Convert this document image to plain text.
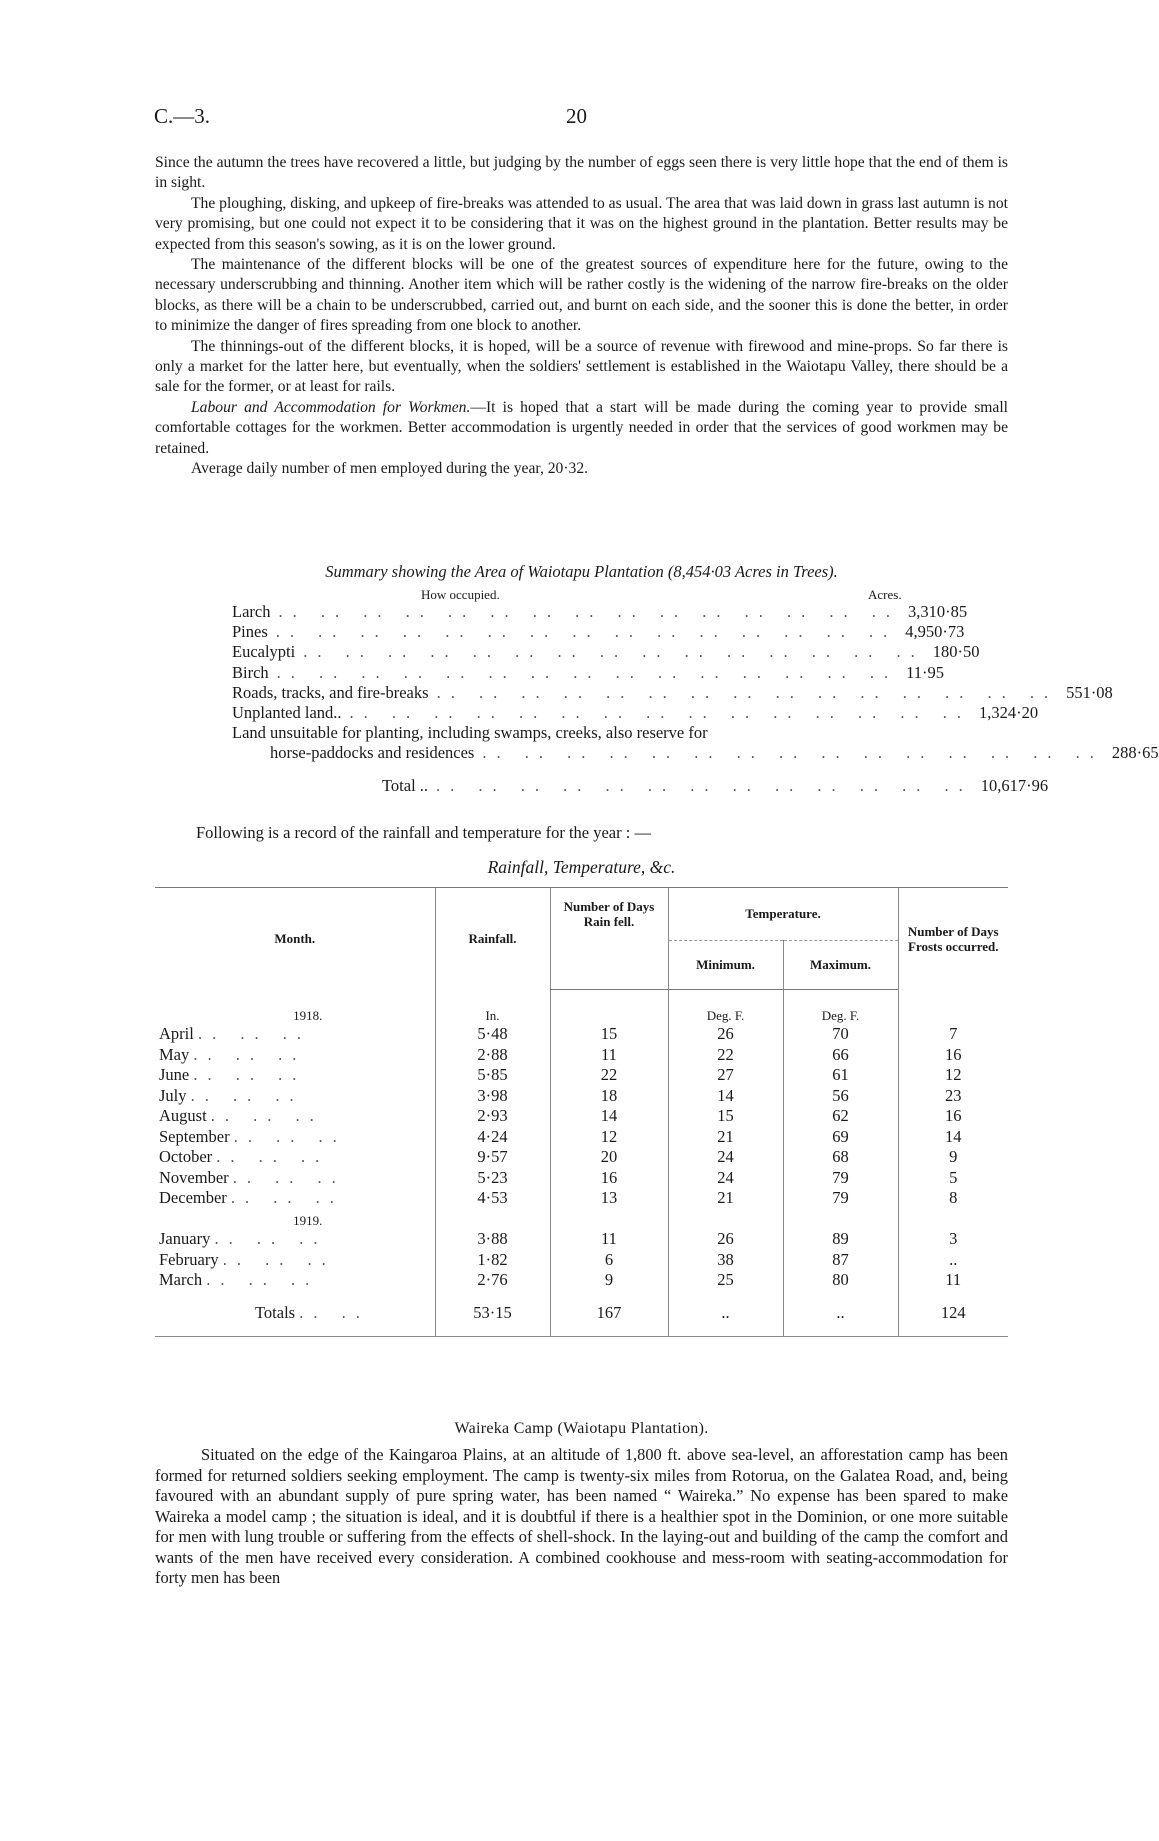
C.—3.	20

Since the autumn the trees have recovered a little, but judging by the number of eggs seen there is very little hope that the end of them is in sight.

The ploughing, disking, and upkeep of fire-breaks was attended to as usual. The area that was laid down in grass last autumn is not very promising, but one could not expect it to be considering that it was on the highest ground in the plantation. Better results may be expected from this season's sowing, as it is on the lower ground.

The maintenance of the different blocks will be one of the greatest sources of expenditure here for the future, owing to the necessary underscrubbing and thinning. Another item which will be rather costly is the widening of the narrow fire-breaks on the older blocks, as there will be a chain to be underscrubbed, carried out, and burnt on each side, and the sooner this is done the better, in order to minimize the danger of fires spreading from one block to another.

The thinnings-out of the different blocks, it is hoped, will be a source of revenue with firewood and mine-props. So far there is only a market for the latter here, but eventually, when the soldiers' settlement is established in the Waiotapu Valley, there should be a sale for the former, or at least for rails.

Labour and Accommodation for Workmen.—It is hoped that a start will be made during the coming year to provide small comfortable cottages for the workmen. Better accommodation is urgently needed in order that the services of good workmen may be retained.

Average daily number of men employed during the year, 20·32.

Summary showing the Area of Waiotapu Plantation (8,454·03 Acres in Trees).
How occupied.	Acres.
Larch .. .. .. .. .. .. .. .. .. .. .. .. .. .. .. 3,310·85
Pines .. .. .. .. .. .. .. .. .. .. .. .. .. .. .. 4,950·73
Eucalypti .. .. .. .. .. .. .. .. .. .. .. .. .. .. .. 180·50
Birch .. .. .. .. .. .. .. .. .. .. .. .. .. .. .. 11·95
Roads, tracks, and fire-breaks .. .. .. .. .. .. .. .. .. .. .. .. .. .. .. 551·08
Unplanted land.. .. .. .. .. .. .. .. .. .. .. .. .. .. .. .. 1,324·20
Land unsuitable for planting, including swamps, creeks, also reserve for
horse-paddocks and residences .. .. .. .. .. .. .. .. .. .. .. .. .. .. .. 288·65
Total .. .. .. .. .. .. .. .. .. .. .. .. .. .. 10,617·96
Following is a record of the rainfall and temperature for the year : —
Rainfall, Temperature, &c.
Month.	Rainfall.	Number of Days Rain fell.	Temperature.		Number of Days Frosts occurred.
			Minimum.	Maximum.	

1918.	In.		Deg. F.	Deg. F.	
April .. .. ..	5·48	15	26	70	7
May .. .. ..	2·88	11	22	66	16
June .. .. ..	5·85	22	27	61	12
July .. .. ..	3·98	18	14	56	23
August .. .. ..	2·93	14	15	62	16
September .. .. ..	4·24	12	21	69	14
October .. .. ..	9·57	20	24	68	9
November .. .. ..	5·23	16	24	79	5
December .. .. ..	4·53	13	21	79	8
1919.					
January .. .. ..	3·88	11	26	89	3
February .. .. ..	1·82	6	38	87	..
March .. .. ..	2·76	9	25	80	11
Totals .. ..	53·15	167	..	..	124
Waireka Camp (Waiotapu Plantation).

Situated on the edge of the Kaingaroa Plains, at an altitude of 1,800 ft. above sea-level, an afforestation camp has been formed for returned soldiers seeking employment. The camp is twenty-six miles from Rotorua, on the Galatea Road, and, being favoured with an abundant supply of pure spring water, has been named “ Waireka.” No expense has been spared to make Waireka a model camp ; the situation is ideal, and it is doubtful if there is a healthier spot in the Dominion, or one more suitable for men with lung trouble or suffering from the effects of shell-shock. In the laying-out and building of the camp the comfort and wants of the men have received every consideration. A combined cookhouse and mess-room with seating-accommodation for forty men has been
